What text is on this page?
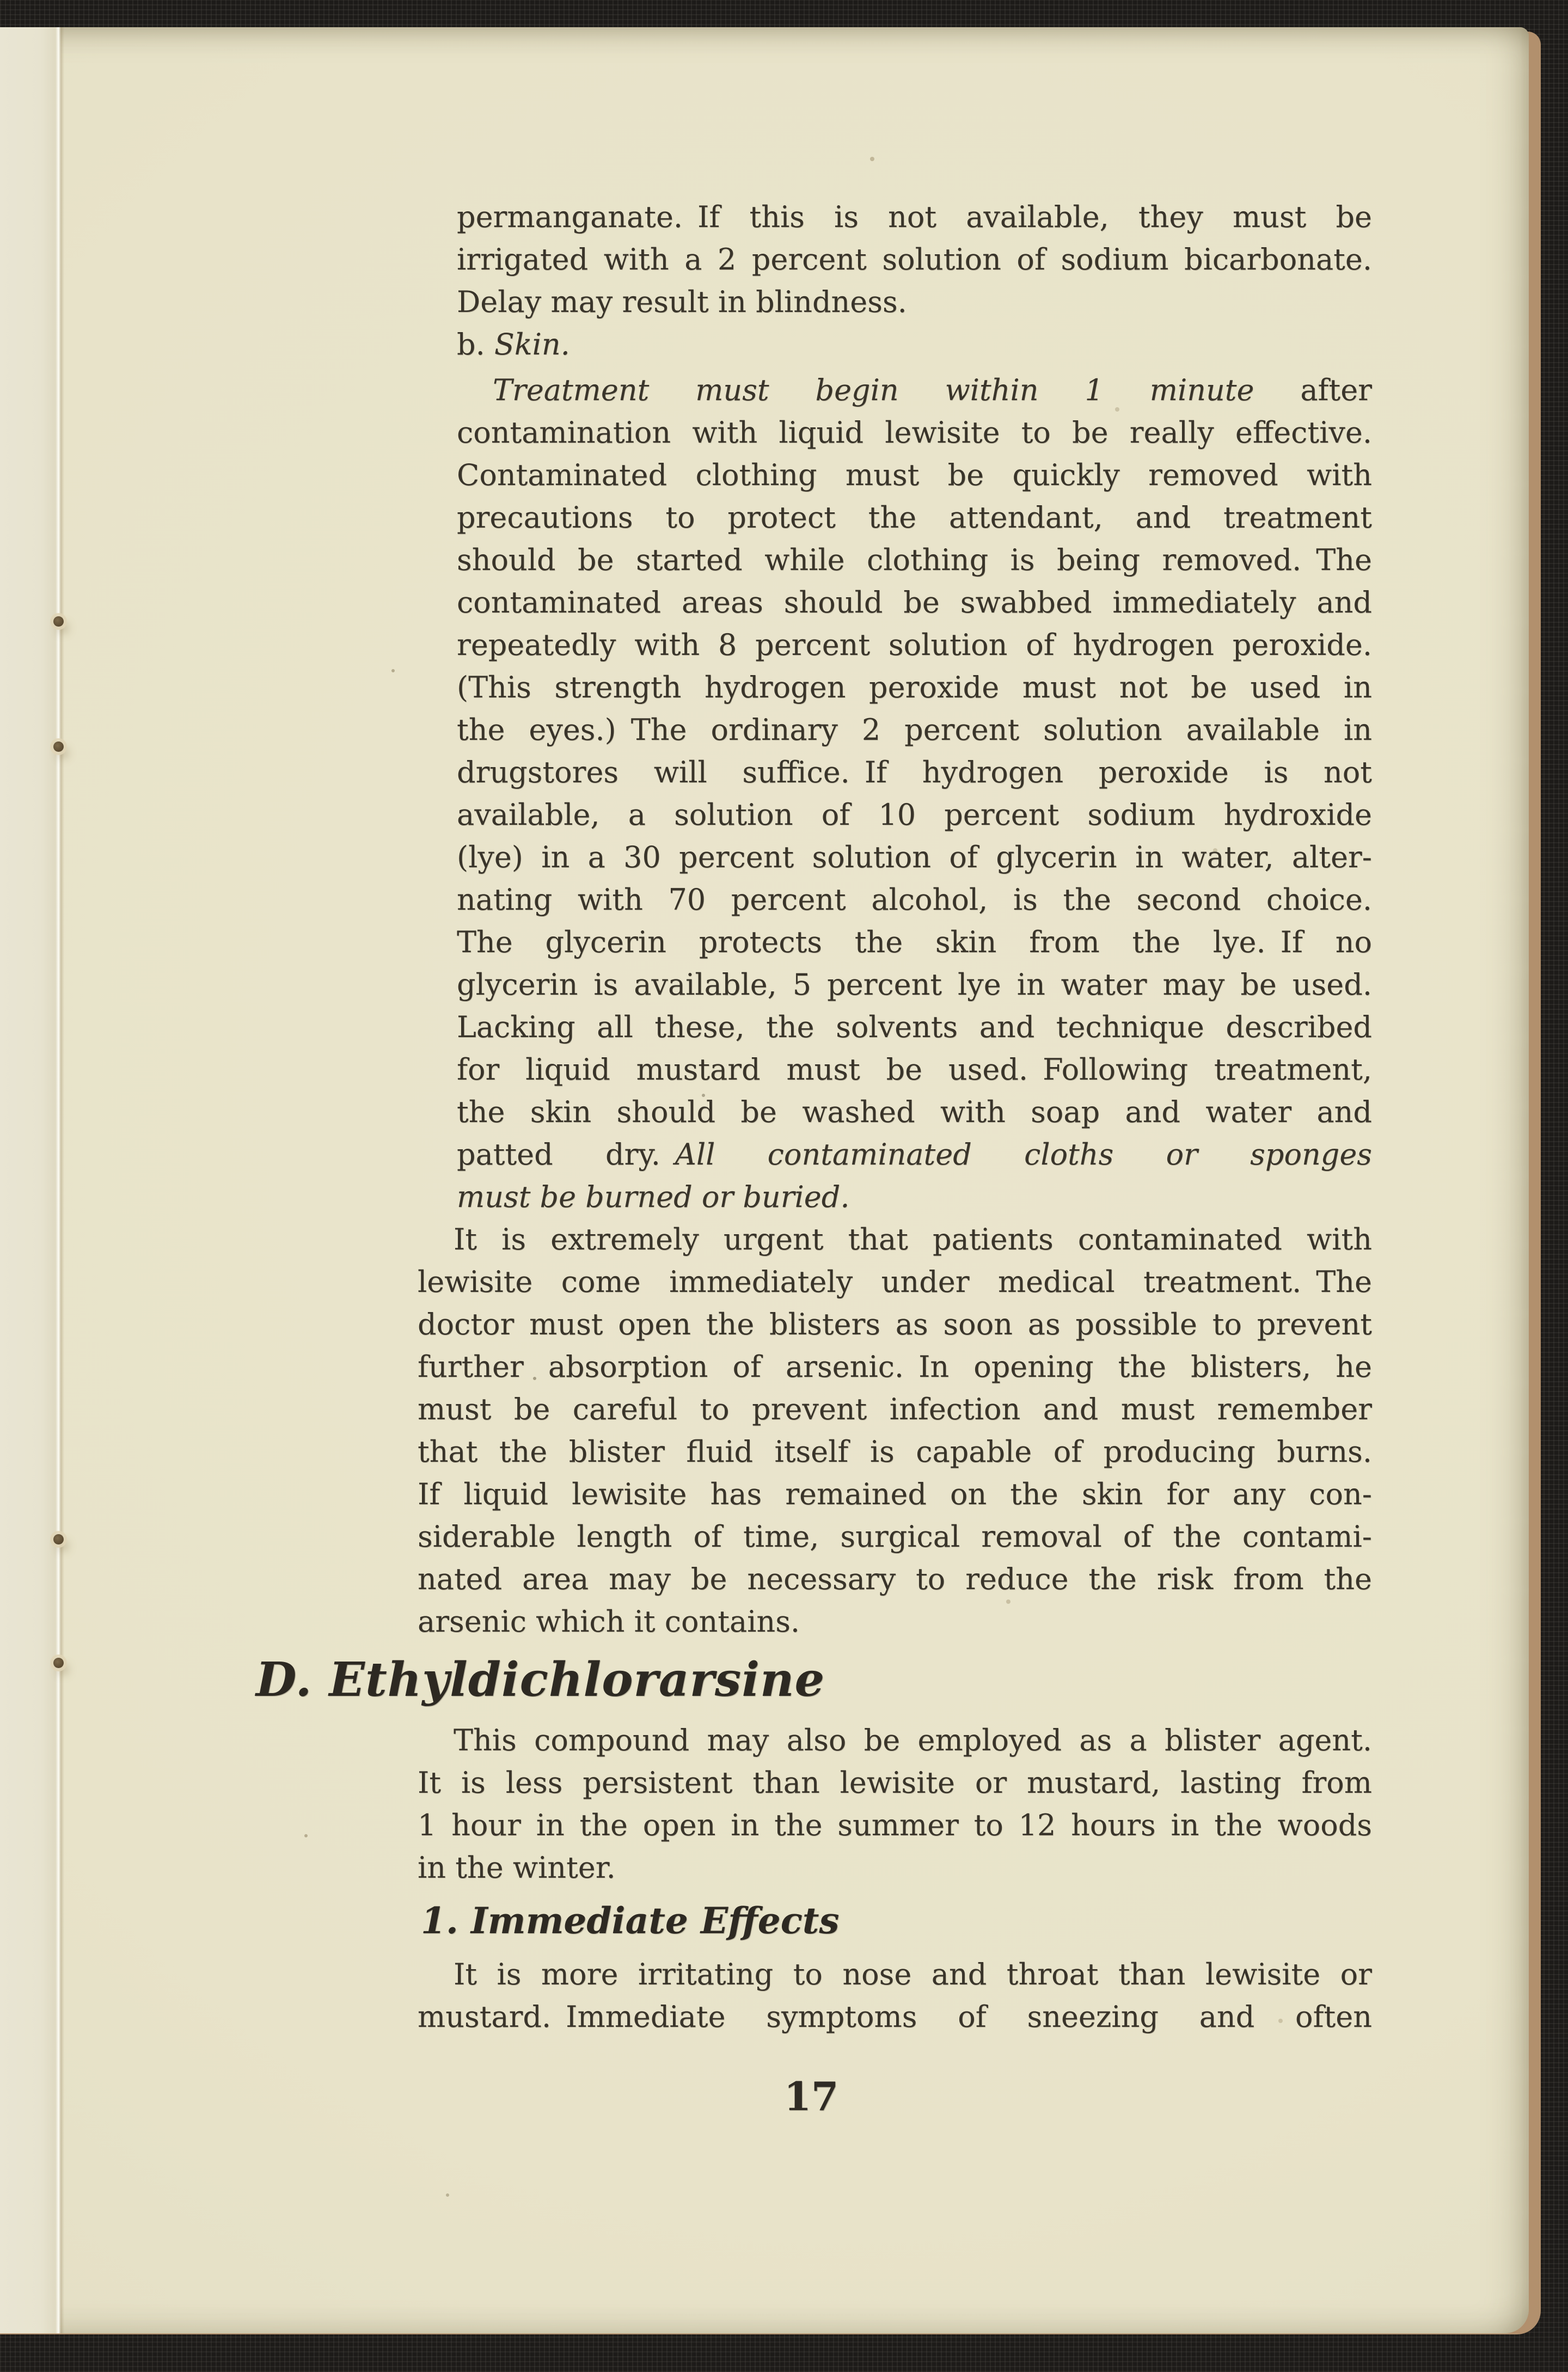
17
permanganate. If this is not available, they must be
irrigated with a 2 percent solution of sodium bicarbonate.
Delay may result in blindness.
b. Skin.
Treatment must begin within 1 minute after
contamination with liquid lewisite to be really effective.
Contaminated clothing must be quickly removed with
precautions to protect the attendant, and treatment
should be started while clothing is being removed. The
contaminated areas should be swabbed immediately and
repeatedly with 8 percent solution of hydrogen peroxide.
(This strength hydrogen peroxide must not be used in
the eyes.) The ordinary 2 percent solution available in
drugstores will suffice. If hydrogen peroxide is not
available, a solution of 10 percent sodium hydroxide
(lye) in a 30 percent solution of glycerin in water, alter-
nating with 70 percent alcohol, is the second choice.
The glycerin protects the skin from the lye. If no
glycerin is available, 5 percent lye in water may be used.
Lacking all these, the solvents and technique described
for liquid mustard must be used. Following treatment,
the skin should be washed with soap and water and
patted dry. All contaminated cloths or sponges
must be burned or buried.
It is extremely urgent that patients contaminated with
lewisite come immediately under medical treatment. The
doctor must open the blisters as soon as possible to prevent
further absorption of arsenic. In opening the blisters, he
must be careful to prevent infection and must remember
that the blister fluid itself is capable of producing burns.
If liquid lewisite has remained on the skin for any con-
siderable length of time, surgical removal of the contami-
nated area may be necessary to reduce the risk from the
arsenic which it contains.
D. Ethyldichlorarsine
This compound may also be employed as a blister agent.
It is less persistent than lewisite or mustard, lasting from
1 hour in the open in the summer to 12 hours in the woods
in the winter.
1. Immediate Effects
It is more irritating to nose and throat than lewisite or
mustard. Immediate symptoms of sneezing and often
